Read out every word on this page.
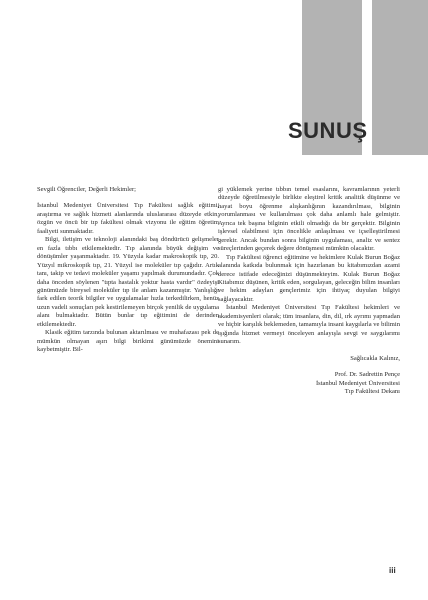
SUNUŞ

Sevgili Öğrenciler, Değerli Hekimler;

İstanbul Medeniyet Üniversitesi Tıp Fakültesi sağlık eğitimi, araştırma ve sağlık hizmeti alanlarında uluslararası düzeyde etkin, özgün ve öncü bir tıp fakültesi olmak vizyonu ile eğitim öğretim faaliyeti sunmaktadır.

Bilgi, iletişim ve teknoloji alanındaki baş döndürücü gelişmeler en fazla tıbbı etkilemektedir. Tıp alanında büyük değişim ve dönüşümler yaşanmaktadır. 19. Yüzyıla kadar makroskopik tıp, 20. Yüzyıl mikroskopik tıp, 21. Yüzyıl ise moleküler tıp çağıdır. Artık tanı, takip ve tedavi moleküler yaşamı yapılmak durumundadır. Çok daha önceden söylenen "tıpta hastalık yoktur hasta vardır" özdeyişi günümüzde bireysel moleküler tıp ile anlam kazanmıştır. Yanlışlığı fark edilen teorik bilgiler ve uygulamalar hızla terkedilirken, henüz uzun vadeli sonuçları pek kestirilemeyen birçok yenilik de uygulama alanı bulmaktadır. Bütün bunlar tıp eğitimini de derinden etkilemektedir.

Klasik eğitim tarzında bulunan aktarılması ve muhafazası pek de mümkün olmayan aşırı bilgi birikimi günümüzde önemini kaybetmiştir. Bil-

gi yüklemek yerine tıbbın temel esaslarını, kavramlarının yeterli düzeyde öğretilmesiyle birlikte eleştirel kritik analitik düşünme ve hayat boyu öğrenme alışkanlığının kazandırılması, bilginin yorumlanması ve kullanılması çok daha anlamlı hale gelmiştir. Ayrıca tek başına bilginin etkili olmadığı da bir gerçektir. Bilginin işlevsel olabilmesi için öncelikle anlaşılması ve içselleştirilmesi gerekir. Ancak bundan sonra bilginin uygulaması, analiz ve sentez süreçlerinden geçerek değere dönüşmesi mümkün olacaktır.

Tıp Fakültesi öğrenci eğitimine ve hekimlere Kulak Burun Boğaz alanında katkıda bulunmak için hazırlanan bu kitabımızdan azami derece istifade edeceğinizi düşünmekteyim. Kulak Burun Boğaz Kitabımız düşünen, kritik eden, sorgulayan, geleceğin bilim insanları ve hekim adayları gençlerimiz için ihtiyaç duyulan bilgiyi sağlayacaktır.

İstanbul Medeniyet Üniversitesi Tıp Fakültesi hekimleri ve akademisyenleri olarak; tüm insanlara, din, dil, ırk ayrımı yapmadan ve hiçbir karşılık beklemeden, tamamıyla insani kaygılarla ve bilimin ışığında hizmet vermeyi önceleyen anlayışla sevgi ve saygılarımı sunarım.

Sağlıcakla Kalınız,

Prof. Dr. Sadrettin Pençe

İstanbul Medeniyet Üniversitesi

Tıp Fakültesi Dekanı

iii
